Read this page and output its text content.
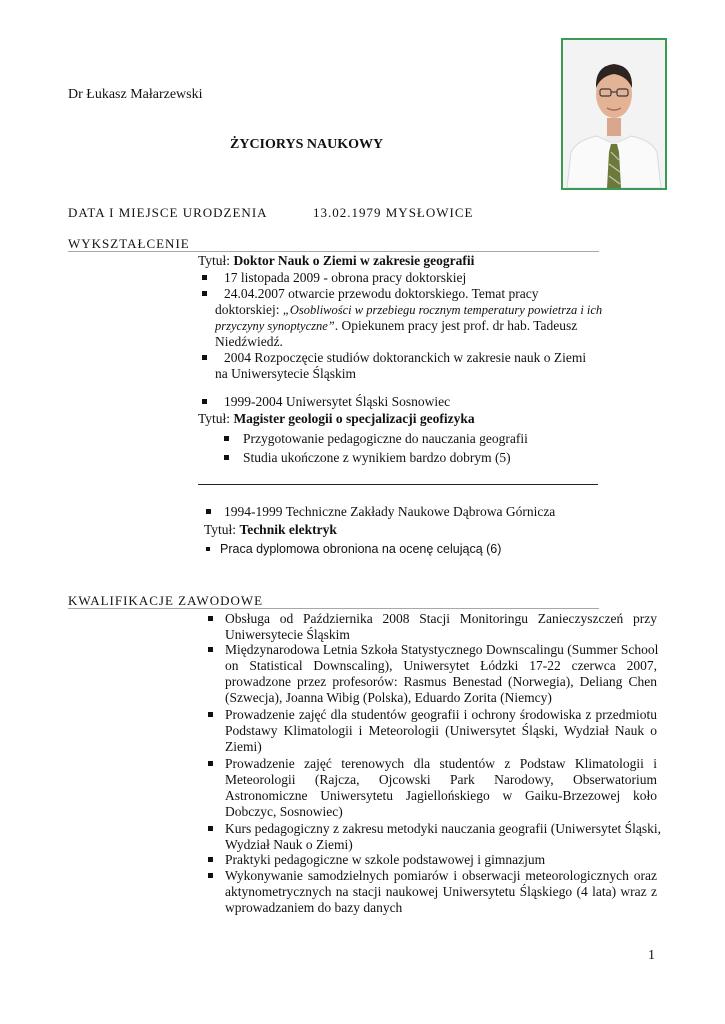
Dr Łukasz Małarzewski
ŻYCIORYS NAUKOWY
DATA I MIEJSCE URODZENIA	13.02.1979 MYSŁOWICE
WYKSZTAŁCENIE
Tytuł: Doktor Nauk o Ziemi w zakresie geografii
17 listopada 2009 - obrona pracy doktorskiej
24.04.2007 otwarcie przewodu doktorskiego. Temat pracy
doktorskiej: „Osobliwości w przebiegu rocznym temperatury powietrza i ich
przyczyny synoptyczne”. Opiekunem pracy jest prof. dr hab. Tadeusz
Niedźwiedź.
2004 Rozpoczęcie studiów doktoranckich w zakresie nauk o Ziemi
na Uniwersytecie Śląskim
1999-2004 Uniwersytet Śląski Sosnowiec
Tytuł: Magister geologii o specjalizacji geofizyka
Przygotowanie pedagogiczne do nauczania geografii
Studia ukończone z wynikiem bardzo dobrym (5)
1994-1999 Techniczne Zakłady Naukowe Dąbrowa Górnicza
Tytuł: Technik elektryk
Praca dyplomowa obroniona na ocenę celującą (6)
KWALIFIKACJE ZAWODOWE
Obsługa od Października 2008 Stacji Monitoringu Zanieczyszczeń przy
Uniwersytecie Śląskim
Międzynarodowa Letnia Szkoła Statystycznego Downscalingu (Summer School
on Statistical Downscaling), Uniwersytet Łódzki 17-22 czerwca 2007,
prowadzone przez profesorów: Rasmus Benestad (Norwegia), Deliang Chen
(Szwecja), Joanna Wibig (Polska), Eduardo Zorita (Niemcy)
Prowadzenie zajęć dla studentów geografii i ochrony środowiska z przedmiotu
Podstawy Klimatologii i Meteorologii (Uniwersytet Śląski, Wydział Nauk o
Ziemi)
Prowadzenie zajęć terenowych dla studentów z Podstaw Klimatologii i
Meteorologii (Rajcza, Ojcowski Park Narodowy, Obserwatorium
Astronomiczne Uniwersytetu Jagiellońskiego w Gaiku-Brzezowej koło
Dobczyc, Sosnowiec)
Kurs pedagogiczny z zakresu metodyki nauczania geografii (Uniwersytet Śląski,
Wydział Nauk o Ziemi)
Praktyki pedagogiczne w szkole podstawowej i gimnazjum
Wykonywanie samodzielnych pomiarów i obserwacji meteorologicznych oraz
aktynometrycznych na stacji naukowej Uniwersytetu Śląskiego (4 lata) wraz z
wprowadzaniem do bazy danych
1
